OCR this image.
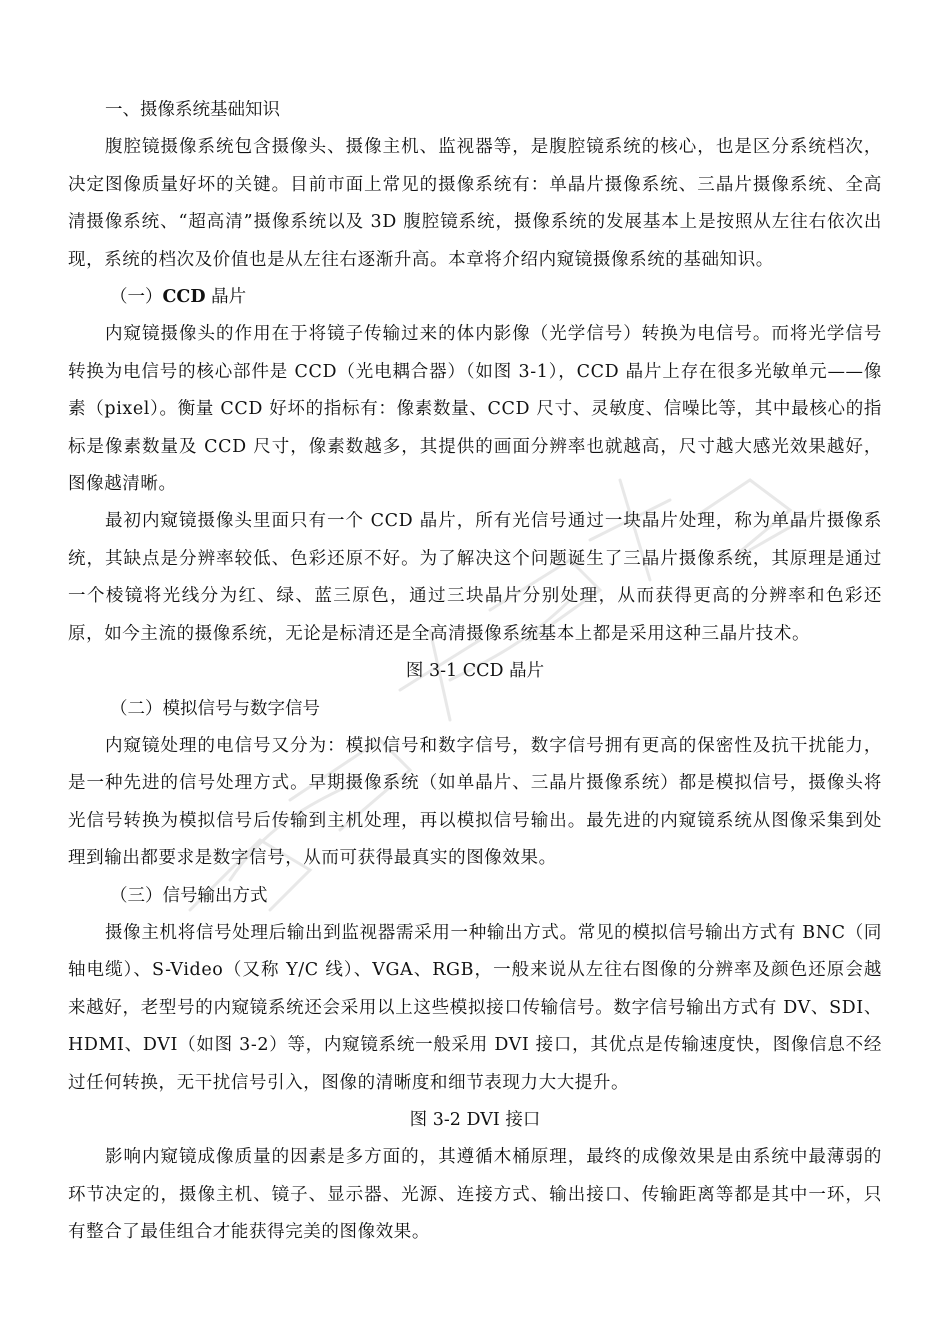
一、摄像系统基础知识

腹腔镜摄像系统包含摄像头、摄像主机、监视器等，是腹腔镜系统的核心，也是区分系统档次，决定图像质量好坏的关键。目前市面上常见的摄像系统有：单晶片摄像系统、三晶片摄像系统、全高清摄像系统、“超高清”摄像系统以及 3D 腹腔镜系统，摄像系统的发展基本上是按照从左往右依次出现，系统的档次及价值也是从左往右逐渐升高。本章将介绍内窥镜摄像系统的基础知识。

（一）CCD 晶片

内窥镜摄像头的作用在于将镜子传输过来的体内影像（光学信号）转换为电信号。而将光学信号转换为电信号的核心部件是 CCD（光电耦合器）（如图 3-1），CCD 晶片上存在很多光敏单元——像素（pixel）。衡量 CCD 好坏的指标有：像素数量、CCD 尺寸、灵敏度、信噪比等，其中最核心的指标是像素数量及 CCD 尺寸，像素数越多，其提供的画面分辨率也就越高，尺寸越大感光效果越好，图像越清晰。

最初内窥镜摄像头里面只有一个 CCD 晶片，所有光信号通过一块晶片处理，称为单晶片摄像系统，其缺点是分辨率较低、色彩还原不好。为了解决这个问题诞生了三晶片摄像系统，其原理是通过一个棱镜将光线分为红、绿、蓝三原色，通过三块晶片分别处理，从而获得更高的分辨率和色彩还原，如今主流的摄像系统，无论是标清还是全高清摄像系统基本上都是采用这种三晶片技术。

图 3-1 CCD 晶片

（二）模拟信号与数字信号

内窥镜处理的电信号又分为：模拟信号和数字信号，数字信号拥有更高的保密性及抗干扰能力，是一种先进的信号处理方式。早期摄像系统（如单晶片、三晶片摄像系统）都是模拟信号，摄像头将光信号转换为模拟信号后传输到主机处理，再以模拟信号输出。最先进的内窥镜系统从图像采集到处理到输出都要求是数字信号，从而可获得最真实的图像效果。

（三）信号输出方式

摄像主机将信号处理后输出到监视器需采用一种输出方式。常见的模拟信号输出方式有 BNC（同轴电缆）、S-Video（又称 Y/C 线）、VGA、RGB，一般来说从左往右图像的分辨率及颜色还原会越来越好，老型号的内窥镜系统还会采用以上这些模拟接口传输信号。数字信号输出方式有 DV、SDI、HDMI、DVI（如图 3-2）等，内窥镜系统一般采用 DVI 接口，其优点是传输速度快，图像信息不经过任何转换，无干扰信号引入，图像的清晰度和细节表现力大大提升。

图 3-2 DVI 接口

影响内窥镜成像质量的因素是多方面的，其遵循木桶原理，最终的成像效果是由系统中最薄弱的环节决定的，摄像主机、镜子、显示器、光源、连接方式、输出接口、传输距离等都是其中一环，只有整合了最佳组合才能获得完美的图像效果。
